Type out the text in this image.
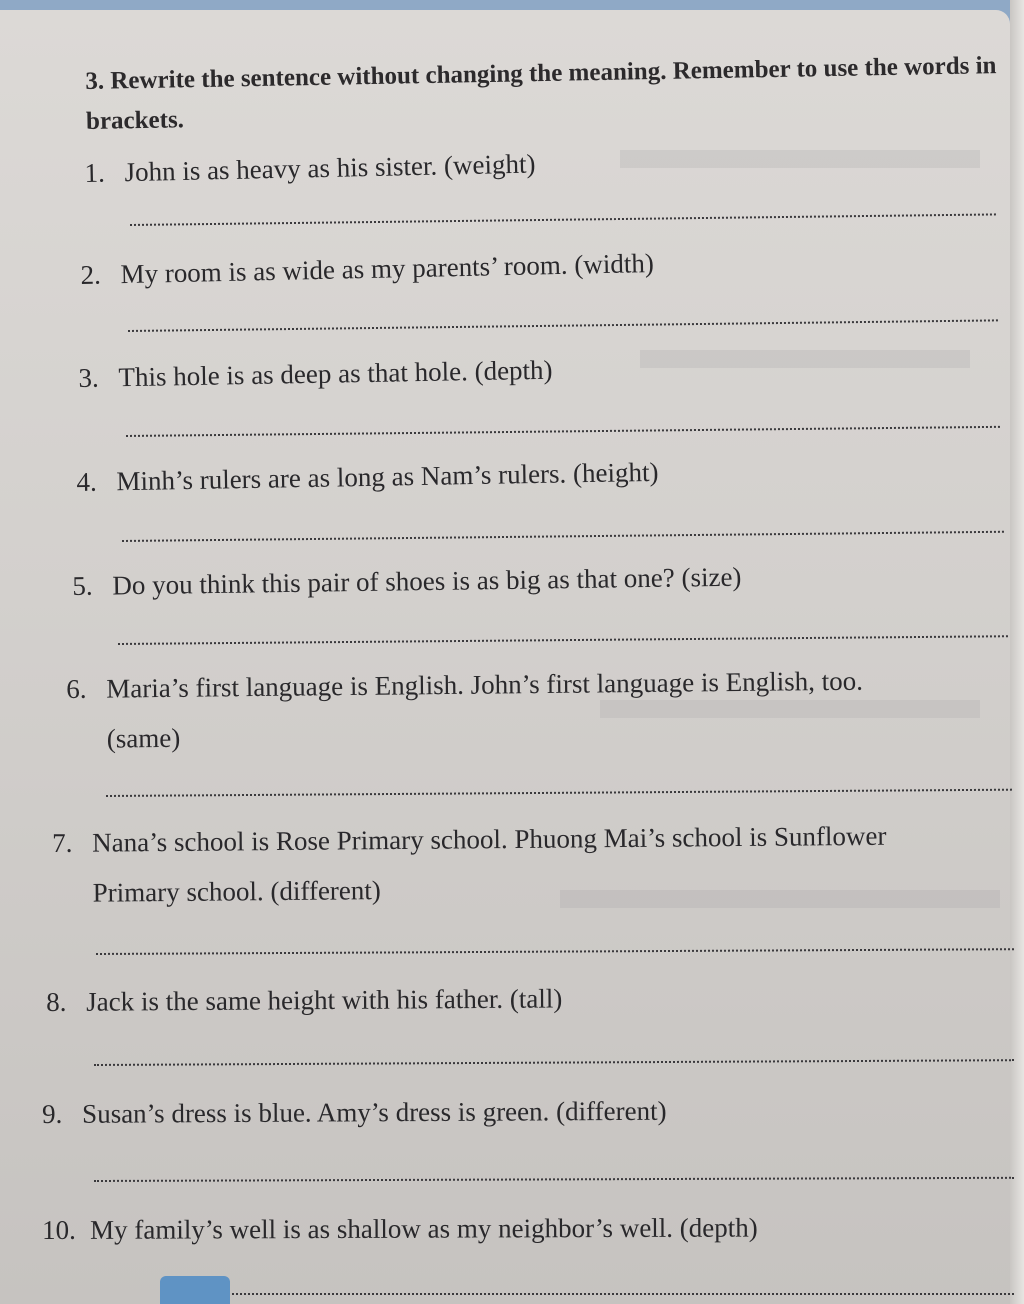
3. Rewrite the sentence without changing the meaning. Remember to use the words in brackets.
1. John is as heavy as his sister. (weight)
2. My room is as wide as my parents’ room. (width)
3. This hole is as deep as that hole. (depth)
4. Minh’s rulers are as long as Nam’s rulers. (height)
5. Do you think this pair of shoes is as big as that one? (size)
6. Maria’s first language is English. John’s first language is English, too.
(same)
7. Nana’s school is Rose Primary school. Phuong Mai’s school is Sunflower
Primary school. (different)
8. Jack is the same height with his father. (tall)
9. Susan’s dress is blue. Amy’s dress is green. (different)
10. My family’s well is as shallow as my neighbor’s well. (depth)
